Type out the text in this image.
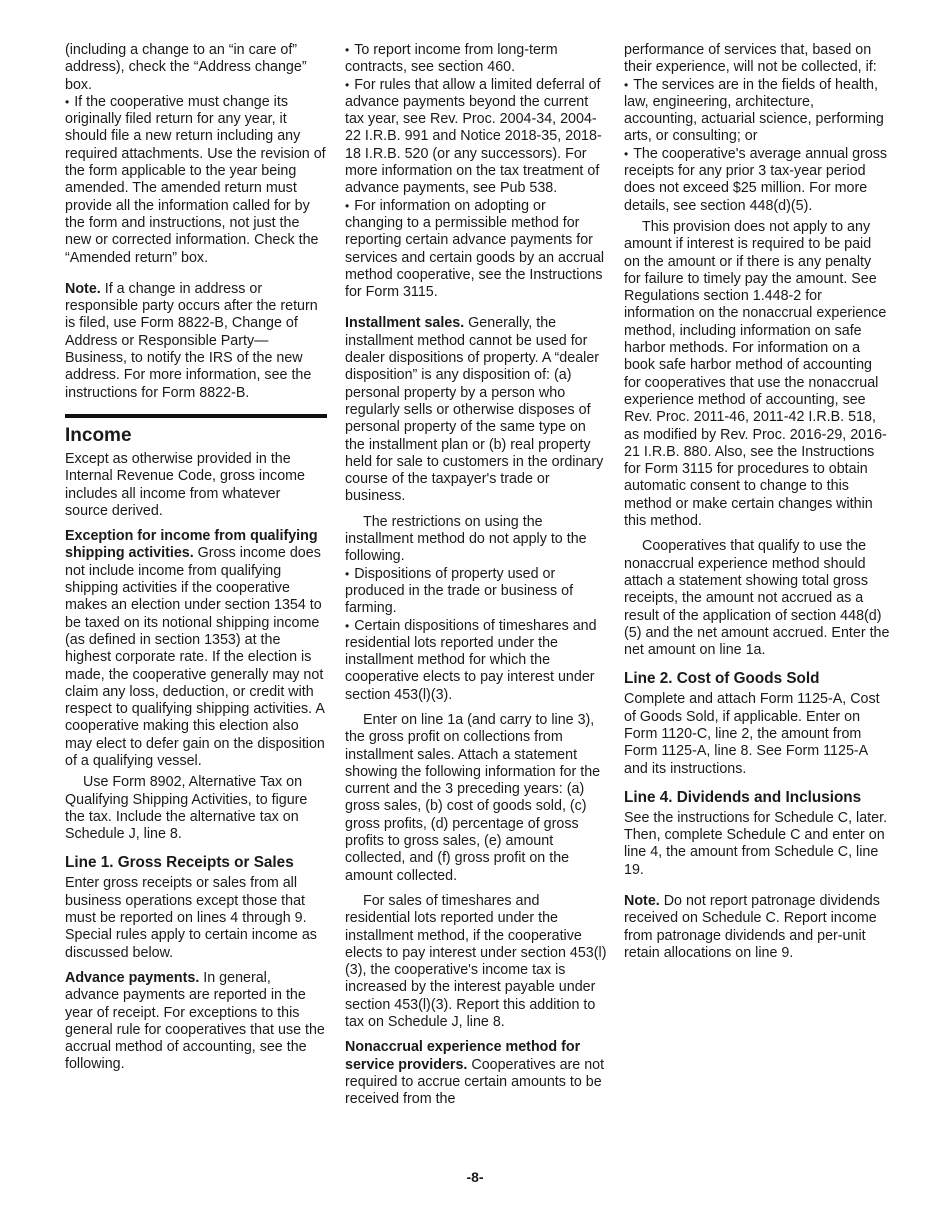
(including a change to an “in care of” address), check the “Address change” box.

• If the cooperative must change its originally filed return for any year, it should file a new return including any required attachments. Use the revision of the form applicable to the year being amended. The amended return must provide all the information called for by the form and instructions, not just the new or corrected information. Check the “Amended return” box.

Note. If a change in address or responsible party occurs after the return is filed, use Form 8822-B, Change of Address or Responsible Party—Business, to notify the IRS of the new address. For more information, see the instructions for Form 8822-B.

Income

Except as otherwise provided in the Internal Revenue Code, gross income includes all income from whatever source derived.

Exception for income from qualifying shipping activities. Gross income does not include income from qualifying shipping activities if the cooperative makes an election under section 1354 to be taxed on its notional shipping income (as defined in section 1353) at the highest corporate rate. If the election is made, the cooperative generally may not claim any loss, deduction, or credit with respect to qualifying shipping activities. A cooperative making this election also may elect to defer gain on the disposition of a qualifying vessel.

Use Form 8902, Alternative Tax on Qualifying Shipping Activities, to figure the tax. Include the alternative tax on Schedule J, line 8.

Line 1. Gross Receipts or Sales

Enter gross receipts or sales from all business operations except those that must be reported on lines 4 through 9. Special rules apply to certain income as discussed below.

Advance payments. In general, advance payments are reported in the year of receipt. For exceptions to this general rule for cooperatives that use the accrual method of accounting, see the following.

• To report income from long-term contracts, see section 460.

• For rules that allow a limited deferral of advance payments beyond the current tax year, see Rev. Proc. 2004-34, 2004-22 I.R.B. 991 and Notice 2018-35, 2018-18 I.R.B. 520 (or any successors). For more information on the tax treatment of advance payments, see Pub 538.

• For information on adopting or changing to a permissible method for reporting certain advance payments for services and certain goods by an accrual method cooperative, see the Instructions for Form 3115.

Installment sales. Generally, the installment method cannot be used for dealer dispositions of property. A “dealer disposition” is any disposition of: (a) personal property by a person who regularly sells or otherwise disposes of personal property of the same type on the installment plan or (b) real property held for sale to customers in the ordinary course of the taxpayer's trade or business.

The restrictions on using the installment method do not apply to the following.

• Dispositions of property used or produced in the trade or business of farming.

• Certain dispositions of timeshares and residential lots reported under the installment method for which the cooperative elects to pay interest under section 453(l)(3).

Enter on line 1a (and carry to line 3), the gross profit on collections from installment sales. Attach a statement showing the following information for the current and the 3 preceding years: (a) gross sales, (b) cost of goods sold, (c) gross profits, (d) percentage of gross profits to gross sales, (e) amount collected, and (f) gross profit on the amount collected.

For sales of timeshares and residential lots reported under the installment method, if the cooperative elects to pay interest under section 453(l)(3), the cooperative's income tax is increased by the interest payable under section 453(l)(3). Report this addition to tax on Schedule J, line 8.

Nonaccrual experience method for service providers. Cooperatives are not required to accrue certain amounts to be received from the

performance of services that, based on their experience, will not be collected, if:

• The services are in the fields of health, law, engineering, architecture, accounting, actuarial science, performing arts, or consulting; or

• The cooperative's average annual gross receipts for any prior 3 tax-year period does not exceed $25 million. For more details, see section 448(d)(5).

This provision does not apply to any amount if interest is required to be paid on the amount or if there is any penalty for failure to timely pay the amount. See Regulations section 1.448-2 for information on the nonaccrual experience method, including information on safe harbor methods. For information on a book safe harbor method of accounting for cooperatives that use the nonaccrual experience method of accounting, see Rev. Proc. 2011-46, 2011-42 I.R.B. 518, as modified by Rev. Proc. 2016-29, 2016-21 I.R.B. 880. Also, see the Instructions for Form 3115 for procedures to obtain automatic consent to change to this method or make certain changes within this method.

Cooperatives that qualify to use the nonaccrual experience method should attach a statement showing total gross receipts, the amount not accrued as a result of the application of section 448(d)(5) and the net amount accrued. Enter the net amount on line 1a.

Line 2. Cost of Goods Sold

Complete and attach Form 1125-A, Cost of Goods Sold, if applicable. Enter on Form 1120-C, line 2, the amount from Form 1125-A, line 8. See Form 1125-A and its instructions.

Line 4. Dividends and Inclusions

See the instructions for Schedule C, later. Then, complete Schedule C and enter on line 4, the amount from Schedule C, line 19.

Note. Do not report patronage dividends received on Schedule C. Report income from patronage dividends and per-unit retain allocations on line 9.

-8-
